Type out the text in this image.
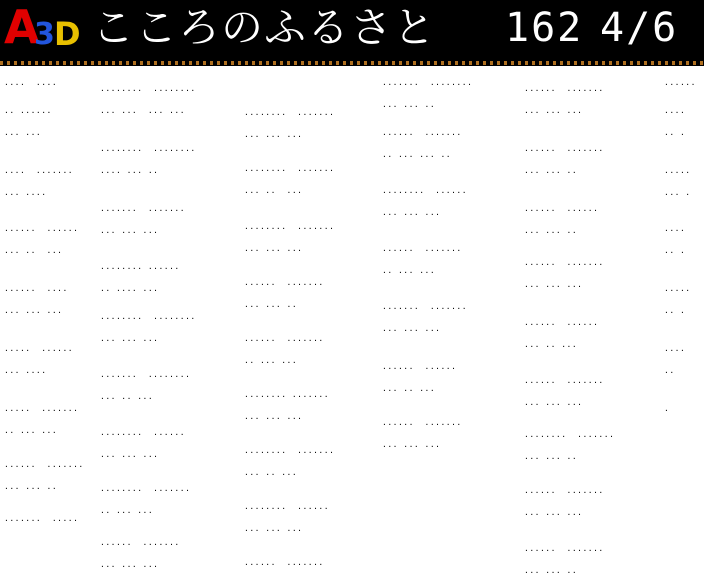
A
3 D こころのふるさと 162 4/6
....  ....
.. ......
... ...
....  .......
... ....
......  ......
... ..  ...
......  ....
... ... ...
.....  ......
... ....
.....  .......
.. ... ...
......  .......
... ... ..
.......  .....
........  ........
... ...  ... ...
........  ........
.... ... ..
.......  .......
... ... ...
........ ......
.. .... ...
........  ........
... ... ...
.......  ........
... .. ...
........  ......
... ... ...
........  .......
.. ... ...
......  .......
... ... ...
........  .......
... ... ...
........  .......
... ..  ...
........  .......
... ... ...
......  .......
... ... ..
......  .......
.. ... ...
........ .......
... ... ...
........  .......
... .. ...
........  ......
... ... ...
......  .......
.......  ........
... ... ..
......  .......
.. ... ... ..
........  ......
... ... ...
......  .......
.. ... ...
.......  .......
... ... ...
......  ......
... .. ...
......  .......
... ... ...
......  .......
... ... ...
......  .......
... ... ..
......  ......
... ... ..
......  .......
... ... ...
......  ......
... .. ...
......  .......
... ... ...
........  .......
... ... ..
......  .......
... ... ...
......  .......
... ... ..
......
....
.. .
.....
... .
....
.. .
.....
.. .
....
..
.
